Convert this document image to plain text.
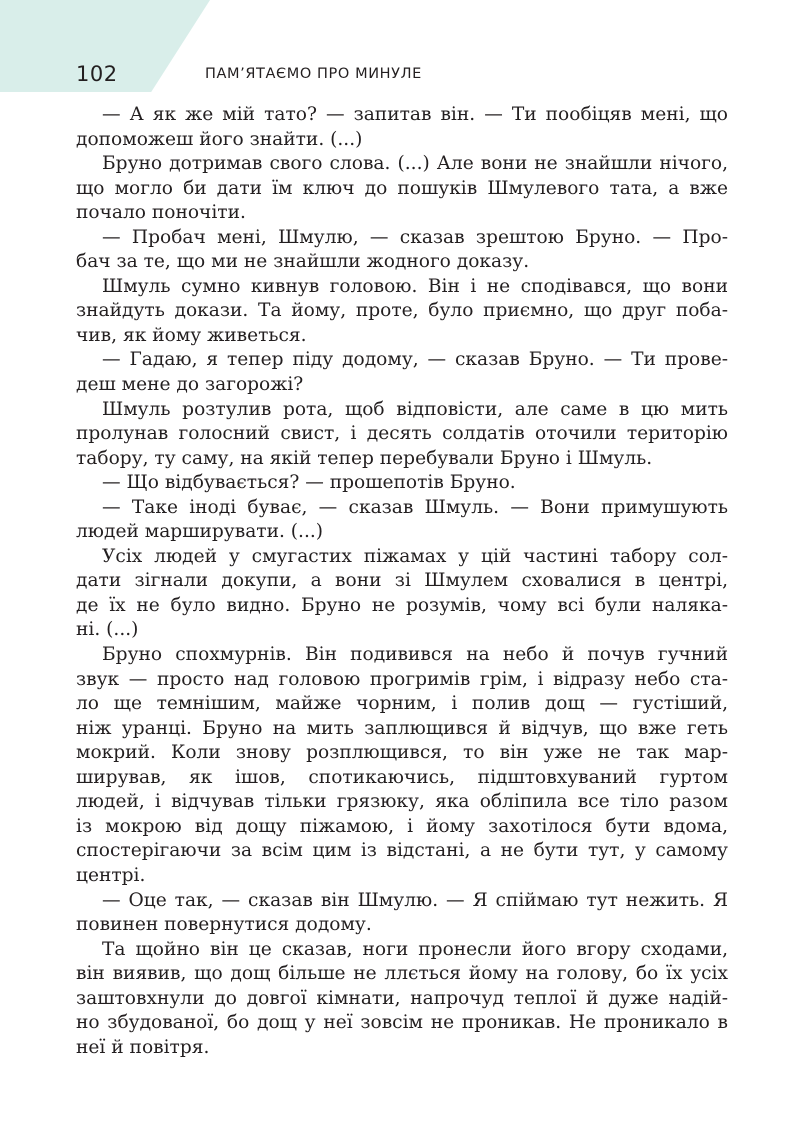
102	ПАМ’ЯТАЄМО ПРО МИНУЛЕ

— А як же мій тато? — запитав він. — Ти пообіцяв мені, що

допоможеш його знайти. (...)

Бруно дотримав свого слова. (...) Але вони не знайшли нічого,

що могло би дати їм ключ до пошуків Шмулевого тата, а вже

почало поночіти.

— Пробач мені, Шмулю, — сказав зрештою Бруно. — Про-

бач за те, що ми не знайшли жодного доказу.

Шмуль сумно кивнув головою. Він і не сподівався, що вони

знайдуть докази. Та йому, проте, було приємно, що друг поба-

чив, як йому живеться.

— Гадаю, я тепер піду додому, — сказав Бруно. — Ти прове-

деш мене до загорожі?

Шмуль розтулив рота, щоб відповісти, але саме в цю мить

пролунав голосний свист, і десять солдатів оточили територію

табору, ту саму, на якій тепер перебували Бруно і Шмуль.

— Що відбувається? — прошепотів Бруно.

— Таке іноді буває, — сказав Шмуль. — Вони примушують

людей марширувати. (...)

Усіх людей у смугастих піжамах у цій частині табору сол-

дати зігнали докупи, а вони зі Шмулем сховалися в центрі,

де їх не було видно. Бруно не розумів, чому всі були наляка-

ні. (...)

Бруно спохмурнів. Він подивився на небо й почув гучний

звук — просто над головою прогримів грім, і відразу небо ста-

ло ще темнішим, майже чорним, і полив дощ — густіший,

ніж уранці. Бруно на мить заплющився й відчув, що вже геть

мокрий. Коли знову розплющився, то він уже не так мар-

ширував, як ішов, спотикаючись, підштовхуваний гуртом

людей, і відчував тільки грязюку, яка обліпила все тіло разом

із мокрою від дощу піжамою, і йому захотілося бути вдома,

спостерігаючи за всім цим із відстані, а не бути тут, у самому

центрі.

— Оце так, — сказав він Шмулю. — Я спіймаю тут нежить. Я

повинен повернутися додому.

Та щойно він це сказав, ноги пронесли його вгору сходами,

він виявив, що дощ більше не ллється йому на голову, бо їх усіх

заштовхнули до довгої кімнати, напрочуд теплої й дуже надій-

но збудованої, бо дощ у неї зовсім не проникав. Не проникало в

неї й повітря.
